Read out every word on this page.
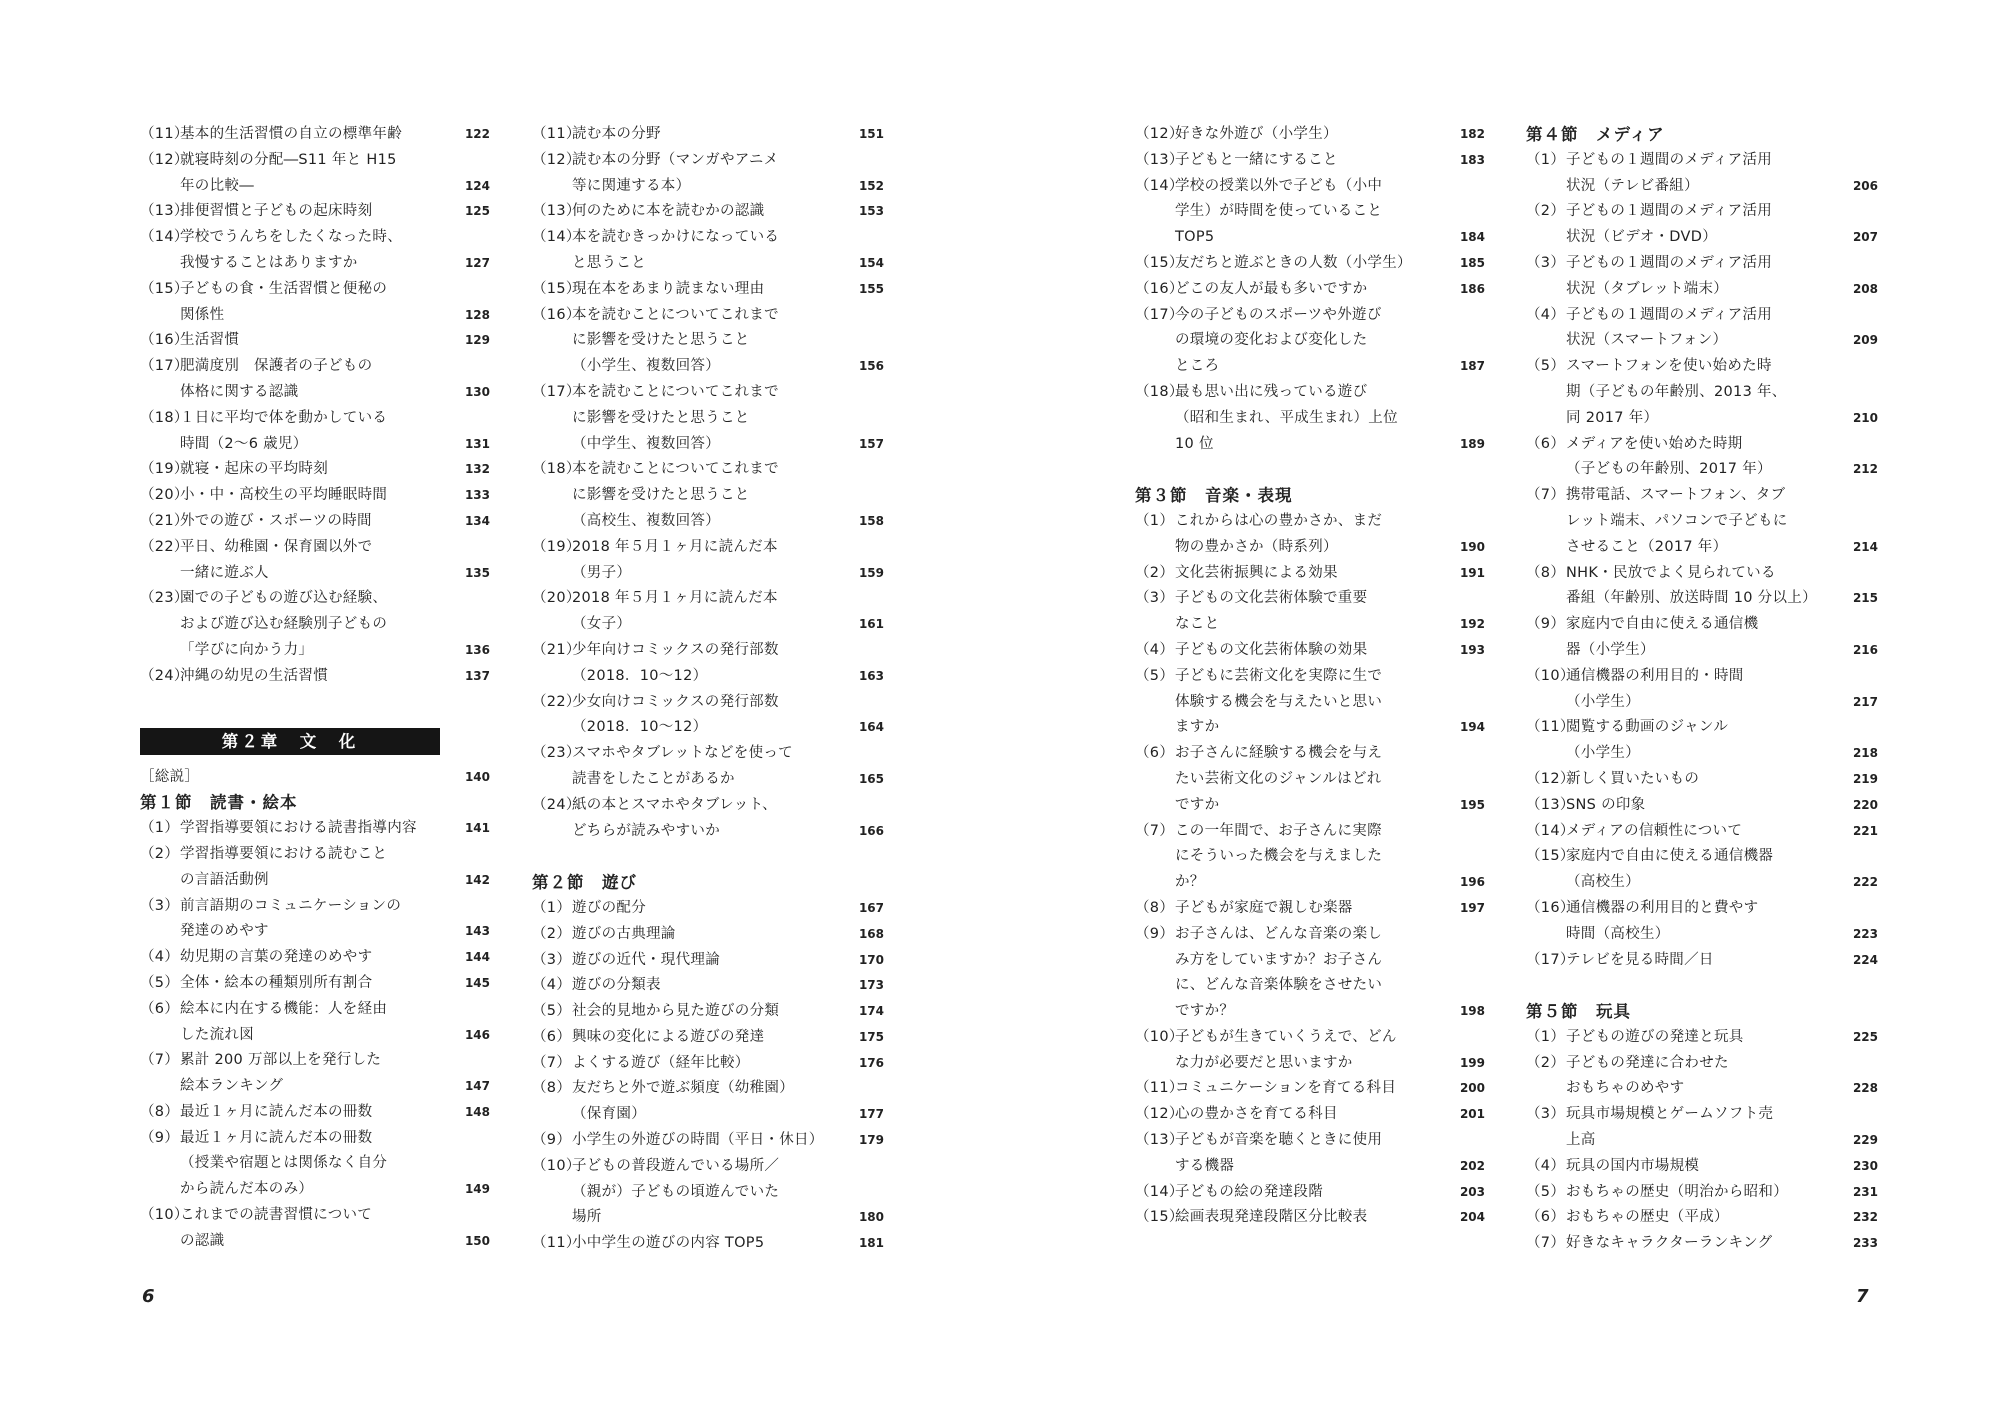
（11）
基本的生活習慣の自立の標準年齢	122
（12）
就寝時刻の分配―S11 年と H15
年の比較―	124
（13）
排便習慣と子どもの起床時刻	125
（14）
学校でうんちをしたくなった時、
我慢することはありますか	127
（15）
子どもの食・生活習慣と便秘の
関係性	128
（16）
生活習慣	129
（17）
肥満度別　保護者の子どもの
体格に関する認識	130
（18）
１日に平均で体を動かしている
時間（2～6 歳児）	131
（19）
就寝・起床の平均時刻	132
（20）
小・中・高校生の平均睡眠時間	133
（21）
外での遊び・スポーツの時間	134
（22）
平日、幼稚園・保育園以外で
一緒に遊ぶ人	135
（23）
園での子どもの遊び込む経験、
および遊び込む経験別子どもの
「学びに向かう力」	136
（24）
沖縄の幼児の生活習慣	137
第２章　文　化
［総説］	140
第１節　読書・絵本
（1） 学習指導要領における読書指導内容	141
（2） 学習指導要領における読むこと
の言語活動例	142
（3） 前言語期のコミュニケーションの
発達のめやす	143
（4） 幼児期の言葉の発達のめやす	144
（5） 全体・絵本の種類別所有割合	145
（6） 絵本に内在する機能：人を経由
した流れ図	146
（7） 累計 200 万部以上を発行した
絵本ランキング	147
（8） 最近１ヶ月に読んだ本の冊数	148
（9） 最近１ヶ月に読んだ本の冊数
（授業や宿題とは関係なく自分
から読んだ本のみ）	149
（10）
これまでの読書習慣について
の認識	150
（11）
読む本の分野	151
（12）
読む本の分野（マンガやアニメ
等に関連する本）	152
（13）
何のために本を読むかの認識	153
（14）
本を読むきっかけになっている
と思うこと	154
（15）
現在本をあまり読まない理由	155
（16）
本を読むことについてこれまで
に影響を受けたと思うこと
（小学生、複数回答）	156
（17）
本を読むことについてこれまで
に影響を受けたと思うこと
（中学生、複数回答）	157
（18）
本を読むことについてこれまで
に影響を受けたと思うこと
（高校生、複数回答）	158
（19）
2018 年５月１ヶ月に読んだ本
（男子）	159
（20）
2018 年５月１ヶ月に読んだ本
（女子）	161
（21）
少年向けコミックスの発行部数
（2018．10～12）	163
（22）
少女向けコミックスの発行部数
（2018．10～12）	164
（23）
スマホやタブレットなどを使って
読書をしたことがあるか	165
（24）
紙の本とスマホやタブレット、
どちらが読みやすいか	166
第２節　遊び
（1） 遊びの配分	167
（2） 遊びの古典理論	168
（3） 遊びの近代・現代理論	170
（4） 遊びの分類表	173
（5） 社会的見地から見た遊びの分類	174
（6） 興味の変化による遊びの発達	175
（7） よくする遊び（経年比較）	176
（8） 友だちと外で遊ぶ頻度（幼稚園）
（保育園）	177
（9） 小学生の外遊びの時間（平日・休日）	179
（10）
子どもの普段遊んでいる場所／
（親が）子どもの頃遊んでいた
場所	180
（11）
小中学生の遊びの内容 TOP5	181
（12）
好きな外遊び（小学生）	182
（13）
子どもと一緒にすること	183
（14）
学校の授業以外で子ども（小中
学生）が時間を使っていること
TOP5	184
（15）
友だちと遊ぶときの人数（小学生）	185
（16）
どこの友人が最も多いですか	186
（17）
今の子どものスポーツや外遊び
の環境の変化および変化した
ところ	187
（18）
最も思い出に残っている遊び
（昭和生まれ、平成生まれ）上位
10 位	189
第３節　音楽・表現
（1） これからは心の豊かさか、まだ
物の豊かさか（時系列）	190
（2） 文化芸術振興による効果	191
（3） 子どもの文化芸術体験で重要
なこと	192
（4） 子どもの文化芸術体験の効果	193
（5） 子どもに芸術文化を実際に生で
体験する機会を与えたいと思い
ますか	194
（6） お子さんに経験する機会を与え
たい芸術文化のジャンルはどれ
ですか	195
（7） この一年間で、お子さんに実際
にそういった機会を与えました
か？	196
（8） 子どもが家庭で親しむ楽器	197
（9） お子さんは、どんな音楽の楽し
み方をしていますか？お子さん
に、どんな音楽体験をさせたい
ですか？	198
（10）
子どもが生きていくうえで、どん
な力が必要だと思いますか	199
（11）
コミュニケーションを育てる科目	200
（12）
心の豊かさを育てる科目	201
（13）
子どもが音楽を聴くときに使用
する機器	202
（14）
子どもの絵の発達段階	203
（15）
絵画表現発達段階区分比較表	204
第４節　メディア
（1） 子どもの１週間のメディア活用
状況（テレビ番組）	206
（2） 子どもの１週間のメディア活用
状況（ビデオ・DVD）	207
（3） 子どもの１週間のメディア活用
状況（タブレット端末）	208
（4） 子どもの１週間のメディア活用
状況（スマートフォン）	209
（5） スマートフォンを使い始めた時
期（子どもの年齢別、2013 年、
同 2017 年）	210
（6） メディアを使い始めた時期
（子どもの年齢別、2017 年）	212
（7） 携帯電話、スマートフォン、タブ
レット端末、パソコンで子どもに
させること（2017 年）	214
（8） NHK・民放でよく見られている
番組（年齢別、放送時間 10 分以上）	215
（9） 家庭内で自由に使える通信機
器（小学生）	216
（10）
通信機器の利用目的・時間
（小学生）	217
（11）
閲覧する動画のジャンル
（小学生）	218
（12）
新しく買いたいもの	219
（13）
SNS の印象	220
（14）
メディアの信頼性について	221
（15）
家庭内で自由に使える通信機器
（高校生）	222
（16）
通信機器の利用目的と費やす
時間（高校生）	223
（17）
テレビを見る時間／日	224
第５節　玩具
（1） 子どもの遊びの発達と玩具	225
（2） 子どもの発達に合わせた
おもちゃのめやす	228
（3） 玩具市場規模とゲームソフト売
上高	229
（4） 玩具の国内市場規模	230
（5） おもちゃの歴史（明治から昭和）	231
（6） おもちゃの歴史（平成）	232
（7） 好きなキャラクターランキング	233
6	7
